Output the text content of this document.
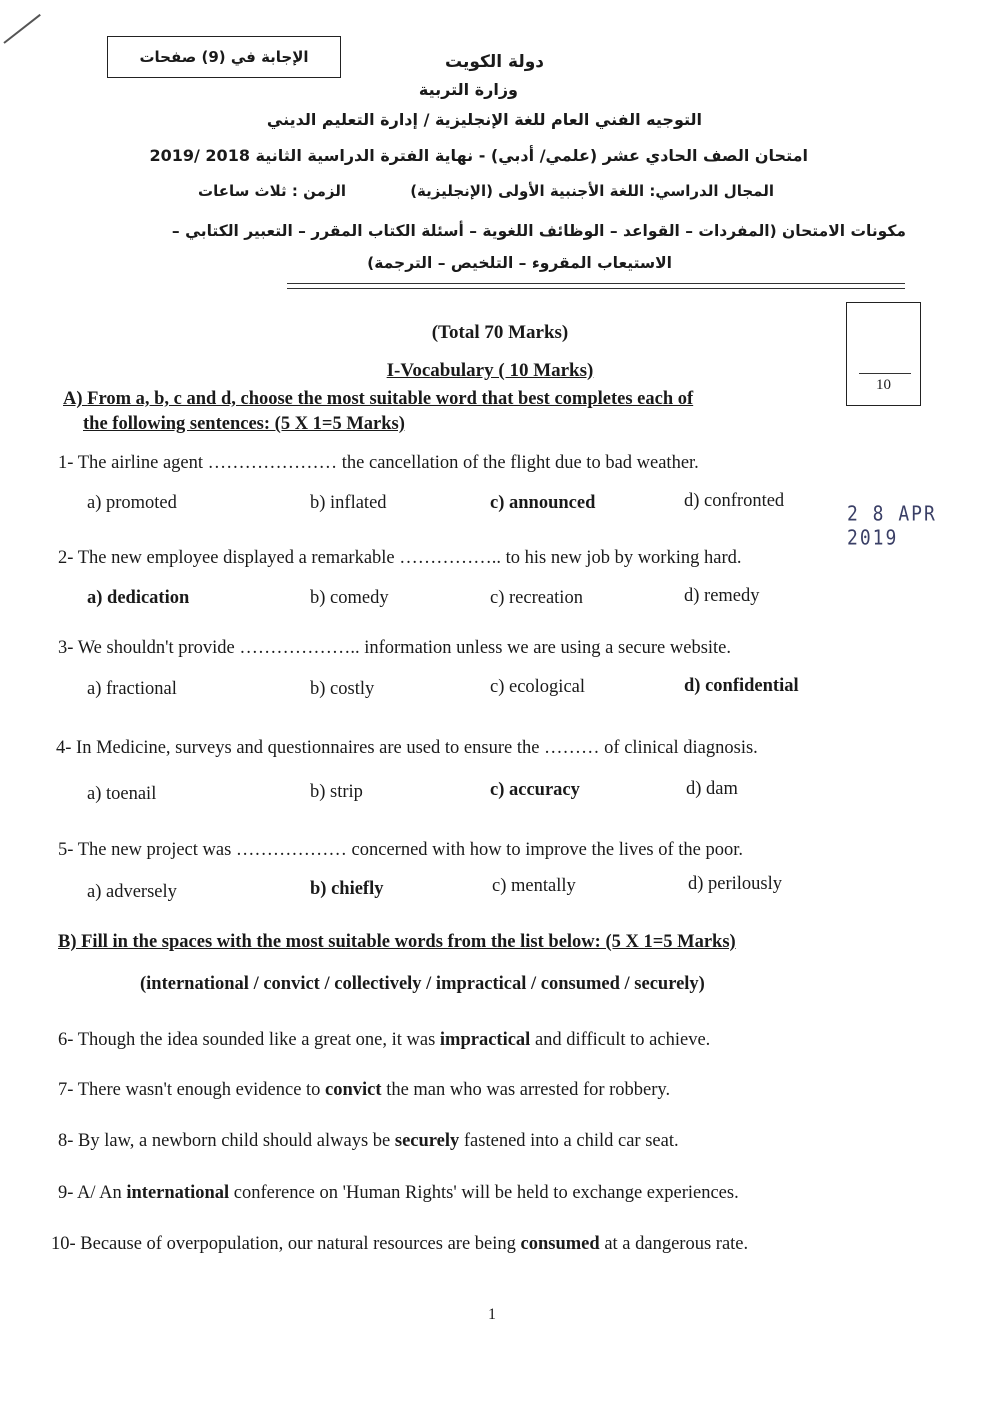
الإجابة في (9) صفحات	دولة الكويت
وزارة التربية
التوجيه الفني العام للغة الإنجليزية / إدارة التعليم الديني
امتحان الصف الحادي عشر (علمي/ أدبي) - نهاية الفترة الدراسية الثانية 2018 /2019
المجال الدراسي: اللغة الأجنبية الأولى (الإنجليزية)
الزمن : ثلاث ساعات
مكونات الامتحان (المفردات – القواعد – الوظائف اللغوية – أسئلة الكتاب المقرر – التعبير الكتابي –
الاستيعاب المقروء – التلخيص – الترجمة)
10
(Total 70 Marks)
I-Vocabulary ( 10 Marks)
A) From a, b, c and d, choose the most suitable word that best completes each of
the following sentences: (5 X 1=5 Marks)
1- The airline agent ………………… the cancellation of the flight due to bad weather.
a) promoted	b) inflated	c) announced	d) confronted
2 8 APR 2019
2- The new employee displayed a remarkable …………….. to his new job by working hard.
a) dedication	b) comedy	c) recreation	d) remedy
3- We shouldn't provide ……………….. information unless we are using a secure website.
a) fractional	b) costly	c) ecological	d) confidential
4- In Medicine, surveys and questionnaires are used to ensure the ……… of clinical diagnosis.
a) toenail	b) strip	c) accuracy	d) dam
5- The new project was ……………… concerned with how to improve the lives of the poor.
a) adversely	b) chiefly	c) mentally	d) perilously
B) Fill in the spaces with the most suitable words from the list below: (5 X 1=5 Marks)
(international / convict / collectively / impractical / consumed / securely)
6- Though the idea sounded like a great one, it was impractical and difficult to achieve.
7- There wasn't enough evidence to convict the man who was arrested for robbery.
8- By law, a newborn child should always be securely fastened into a child car seat.
9- A/ An international conference on 'Human Rights' will be held to exchange experiences.
10- Because of overpopulation, our natural resources are being consumed at a dangerous rate.
1
